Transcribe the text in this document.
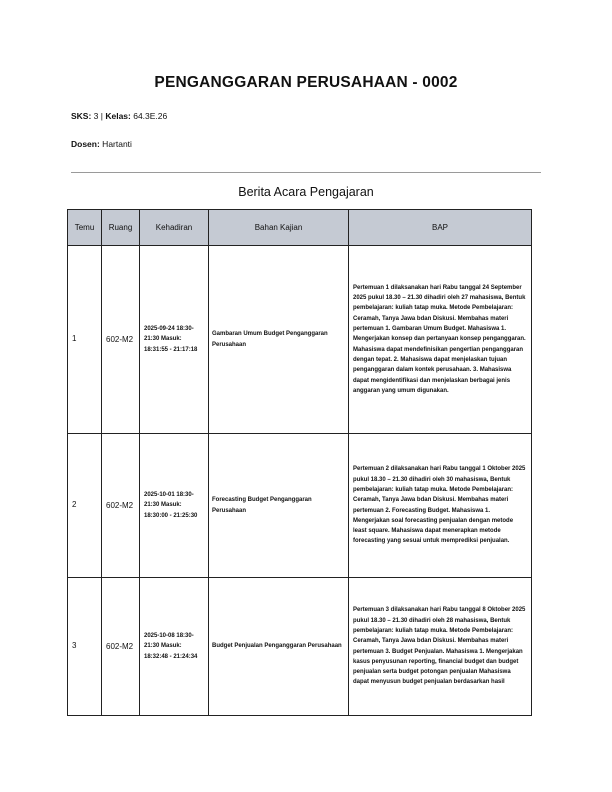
PENGANGGARAN PERUSAHAAN - 0002
SKS: 3 | Kelas: 64.3E.26
Dosen: Hartanti
Berita Acara Pengajaran
Temu	Ruang	Kehadiran	Bahan Kajian	BAP
1	602-M2	2025-09-24 18:30-21:30 Masuk: 18:31:55 - 21:17:18	Gambaran Umum Budget Penganggaran Perusahaan	Pertemuan 1 dilaksanakan hari Rabu tanggal 24 September 2025 pukul 18.30 – 21.30 dihadiri oleh 27 mahasiswa, Bentuk pembelajaran: kuliah tatap muka. Metode Pembelajaran: Ceramah, Tanya Jawa bdan Diskusi. Membahas materi pertemuan 1. Gambaran Umum Budget. Mahasiswa 1. Mengerjakan konsep dan pertanyaan konsep penganggaran. Mahasiswa dapat mendefinisikan pengertian penganggaran dengan tepat. 2. Mahasiswa dapat menjelaskan tujuan penganggaran dalam kontek perusahaan. 3. Mahasiswa dapat mengidentifikasi dan menjelaskan berbagai jenis anggaran yang umum digunakan.
2	602-M2	2025-10-01 18:30-21:30 Masuk: 18:30:00 - 21:25:30	Forecasting Budget Penganggaran Perusahaan	Pertemuan 2 dilaksanakan hari Rabu tanggal 1 Oktober 2025 pukul 18.30 – 21.30 dihadiri oleh 30 mahasiswa, Bentuk pembelajaran: kuliah tatap muka. Metode Pembelajaran: Ceramah, Tanya Jawa bdan Diskusi. Membahas materi pertemuan 2. Forecasting Budget. Mahasiswa 1. Mengerjakan soal forecasting penjualan dengan metode least square. Mahasiswa dapat menerapkan metode forecasting yang sesuai untuk memprediksi penjualan.
3	602-M2	2025-10-08 18:30-21:30 Masuk: 18:32:48 - 21:24:34	Budget Penjualan Penganggaran Perusahaan	Pertemuan 3 dilaksanakan hari Rabu tanggal 8 Oktober 2025 pukul 18.30 – 21.30 dihadiri oleh 28 mahasiswa, Bentuk pembelajaran: kuliah tatap muka. Metode Pembelajaran: Ceramah, Tanya Jawa bdan Diskusi. Membahas materi pertemuan 3. Budget Penjualan. Mahasiswa 1. Mengerjakan kasus penyusunan reporting, financial budget dan budget penjualan serta budget potongan penjualan Mahasiswa dapat menyusun budget penjualan berdasarkan hasil
